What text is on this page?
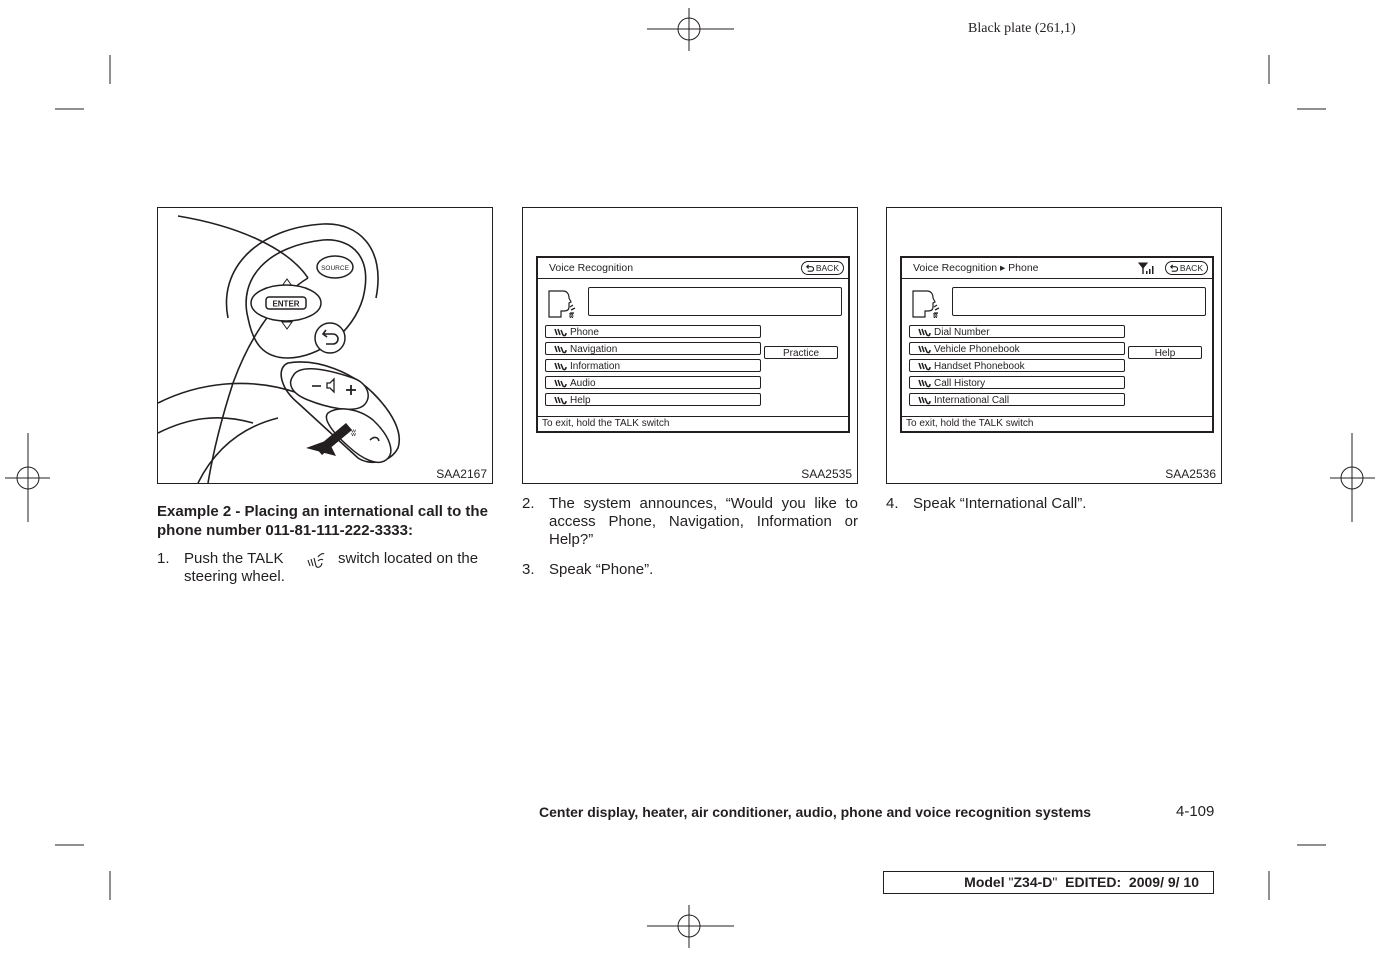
Black plate (261,1)
SOURCE
ENTER
ʬ
SAA2167
Voice Recognition	BACK
ʬ
Phone
Navigation
Information
Audio
Help
Practice
To exit, hold the TALK switch
SAA2535
Voice Recognition ▸ Phone	BACK
ʬ
Dial Number
Vehicle Phonebook
Handset Phonebook
Call History
International Call
Help
To exit, hold the TALK switch
SAA2536
Example 2 - Placing an international call to the phone number 011-81-111-222-3333:
1. Push the TALK	switch located on the
steering wheel.
2. The system announces, “Would you like to access Phone, Navigation, Information or Help?”
3. Speak “Phone”.
4. Speak “International Call”.
Center display, heater, air conditioner, audio, phone and voice recognition systems	4-109
Model "Z34-D"  EDITED:  2009/ 9/ 10
